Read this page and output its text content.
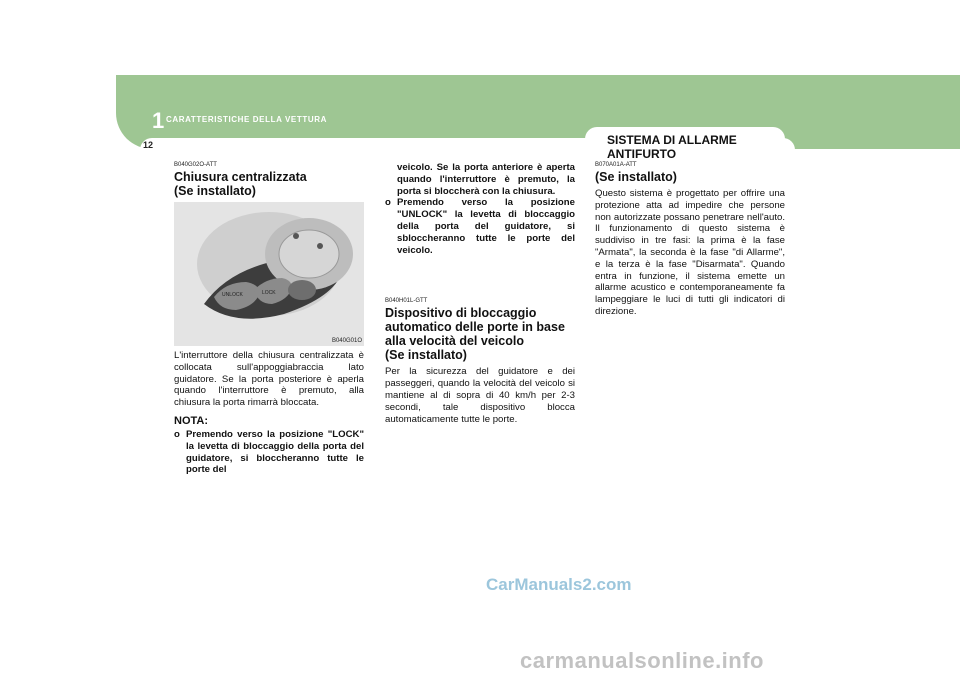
1 CARATTERISTICHE DELLA VETTURA
12	SISTEMA DI ALLARME ANTIFURTO

B040G02O-ATT

Chiusura centralizzata
(Se installato)

UNLOCK	LOCK
B040G01O

L'interruttore della chiusura centralizzata è collocata sull'appoggiabraccia lato guidatore. Se la porta posteriore è aperla quando l'interruttore è premuto, alla chiusura la porta rimarrà bloccata.

NOTA:

o Premendo verso la posizione "LOCK" la levetta di bloccaggio della porta del guidatore, si bloccheranno tutte le porte del

veicolo. Se la porta anteriore è aperta quando l'interruttore è premuto, la porta si bloccherà con la chiusura.

o Premendo verso la posizione "UNLOCK" la levetta di bloccaggio della porta del guidatore, si sbloccheranno tutte le porte del veicolo.

B040H01L-GTT

Dispositivo di bloccaggio
automatico delle porte in base
alla velocità del veicolo
(Se installato)

Per la sicurezza del guidatore e dei passeggeri, quando la velocità del veicolo si mantiene al di sopra di 40 km/h per 2-3 secondi, tale dispositivo blocca automaticamente tutte le porte.

B070A01A-ATT

(Se installato)

Questo sistema è progettato per offrire una protezione atta ad impedire che persone non autorizzate possano penetrare nell'auto. Il funzionamento di questo sistema è suddiviso in tre fasi: la prima è la fase "Armata", la seconda è la fase "di Allarme", e la terza è la fase "Disarmata". Quando entra in funzione, il sistema emette un allarme acustico e contemporaneamente fa lampeggiare le luci di tutti gli indicatori di direzione.

CarManuals2.com
carmanualsonline.info
